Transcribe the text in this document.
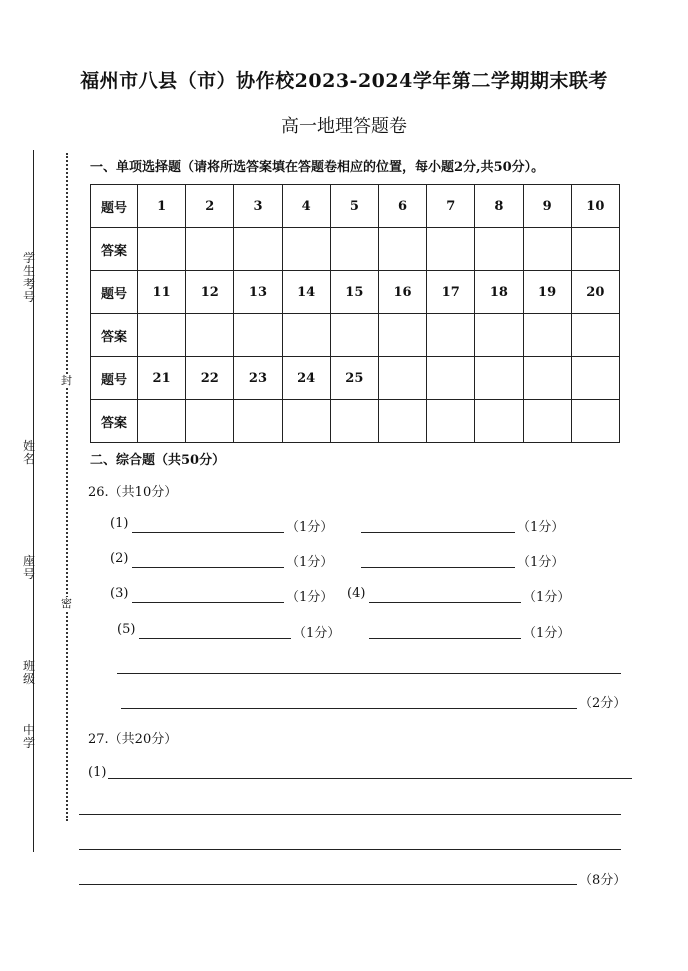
福州市八县（市）协作校2023-2024学年第二学期期末联考
高一地理答题卷
学
生
考
号
姓
名
座
号
班
级
中
学
封
密
一、单项选择题（请将所选答案填在答题卷相应的位置，每小题2分,共50分）。
题号	1	2	3	4	5	6	7	8	9	10
答案										
题号	11	12	13	14	15	16	17	18	19	20
答案										
题号	21	22	23	24	25					
答案										
二、综合题（共50分）
26.（共10分）
(1)	（1分）	（1分）
(2)	（1分）	（1分）
(3)	（1分） (4)	（1分）
(5)	（1分）	（1分）
（2分）
27.（共20分）
(1)
（8分）
